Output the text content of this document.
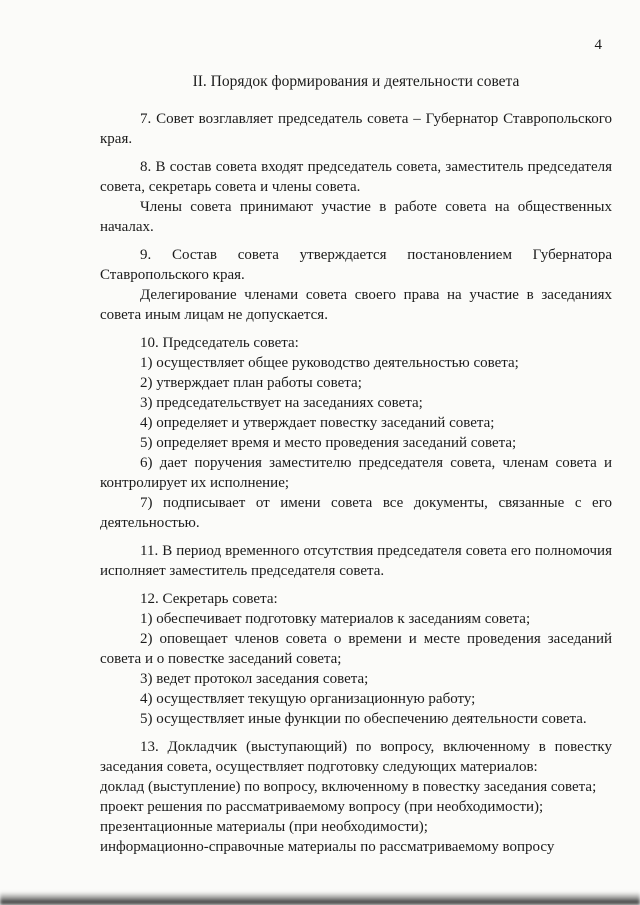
4

II. Порядок формирования и деятельности совета

7. Совет возглавляет председатель совета – Губернатор Ставропольского края.

8. В состав совета входят председатель совета, заместитель председателя совета, секретарь совета и члены совета.

Члены совета принимают участие в работе совета на общественных началах.

9. Состав совета утверждается постановлением Губернатора Ставропольского края.

Делегирование членами совета своего права на участие в заседаниях совета иным лицам не допускается.

10. Председатель совета:

1) осуществляет общее руководство деятельностью совета;

2) утверждает план работы совета;

3) председательствует на заседаниях совета;

4) определяет и утверждает повестку заседаний совета;

5) определяет время и место проведения заседаний совета;

6) дает поручения заместителю председателя совета, членам совета и контролирует их исполнение;

7) подписывает от имени совета все документы, связанные с его деятельностью.

11. В период временного отсутствия председателя совета его полномочия исполняет заместитель председателя совета.

12. Секретарь совета:

1) обеспечивает подготовку материалов к заседаниям совета;

2) оповещает членов совета о времени и месте проведения заседаний совета и о повестке заседаний совета;

3) ведет протокол заседания совета;

4) осуществляет текущую организационную работу;

5) осуществляет иные функции по обеспечению деятельности совета.

13. Докладчик (выступающий) по вопросу, включенному в повестку заседания совета, осуществляет подготовку следующих материалов:

доклад (выступление) по вопросу, включенному в повестку заседания совета;

проект решения по рассматриваемому вопросу (при необходимости);

презентационные материалы (при необходимости);

информационно-справочные материалы по рассматриваемому вопросу
